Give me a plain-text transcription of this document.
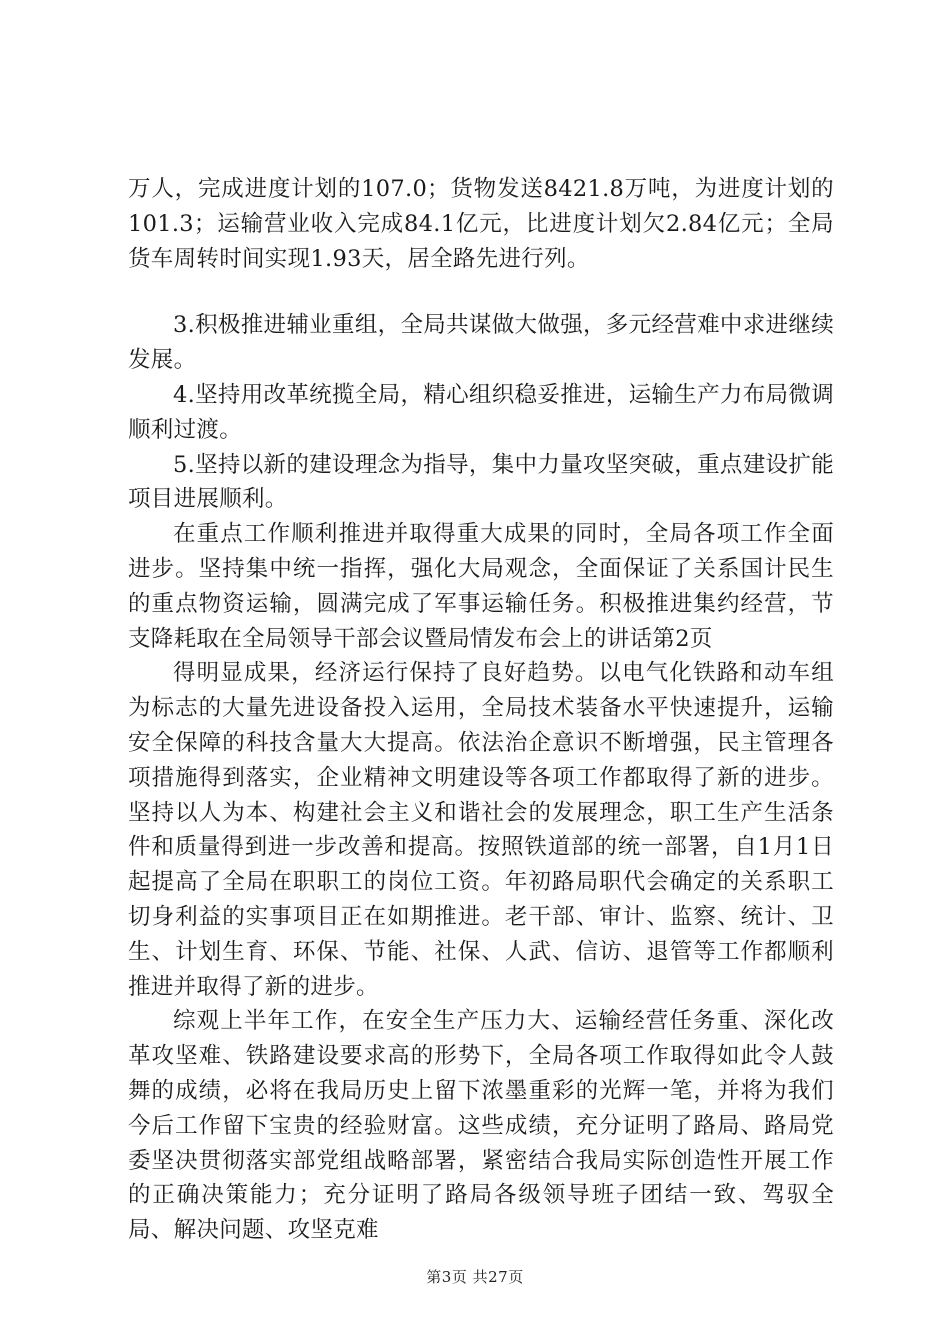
万人，完成进度计划的107.0；货物发送8421.8万吨，为进度计划的101.3；运输营业收入完成84.1亿元，比进度计划欠2.84亿元；全局货车周转时间实现1.93天，居全路先进行列。

3.积极推进辅业重组，全局共谋做大做强，多元经营难中求进继续发展。

4.坚持用改革统揽全局，精心组织稳妥推进，运输生产力布局微调顺利过渡。

5.坚持以新的建设理念为指导，集中力量攻坚突破，重点建设扩能项目进展顺利。

在重点工作顺利推进并取得重大成果的同时，全局各项工作全面进步。坚持集中统一指挥，强化大局观念，全面保证了关系国计民生的重点物资运输，圆满完成了军事运输任务。积极推进集约经营，节支降耗取在全局领导干部会议暨局情发布会上的讲话第2页

得明显成果，经济运行保持了良好趋势。以电气化铁路和动车组为标志的大量先进设备投入运用，全局技术装备水平快速提升，运输安全保障的科技含量大大提高。依法治企意识不断增强，民主管理各项措施得到落实，企业精神文明建设等各项工作都取得了新的进步。坚持以人为本、构建社会主义和谐社会的发展理念，职工生产生活条件和质量得到进一步改善和提高。按照铁道部的统一部署，自1月1日起提高了全局在职职工的岗位工资。年初路局职代会确定的关系职工切身利益的实事项目正在如期推进。老干部、审计、监察、统计、卫生、计划生育、环保、节能、社保、人武、信访、退管等工作都顺利推进并取得了新的进步。

综观上半年工作，在安全生产压力大、运输经营任务重、深化改革攻坚难、铁路建设要求高的形势下，全局各项工作取得如此令人鼓舞的成绩，必将在我局历史上留下浓墨重彩的光辉一笔，并将为我们今后工作留下宝贵的经验财富。这些成绩，充分证明了路局、路局党委坚决贯彻落实部党组战略部署，紧密结合我局实际创造性开展工作的正确决策能力；充分证明了路局各级领导班子团结一致、驾驭全局、解决问题、攻坚克难

第3页 共27页
